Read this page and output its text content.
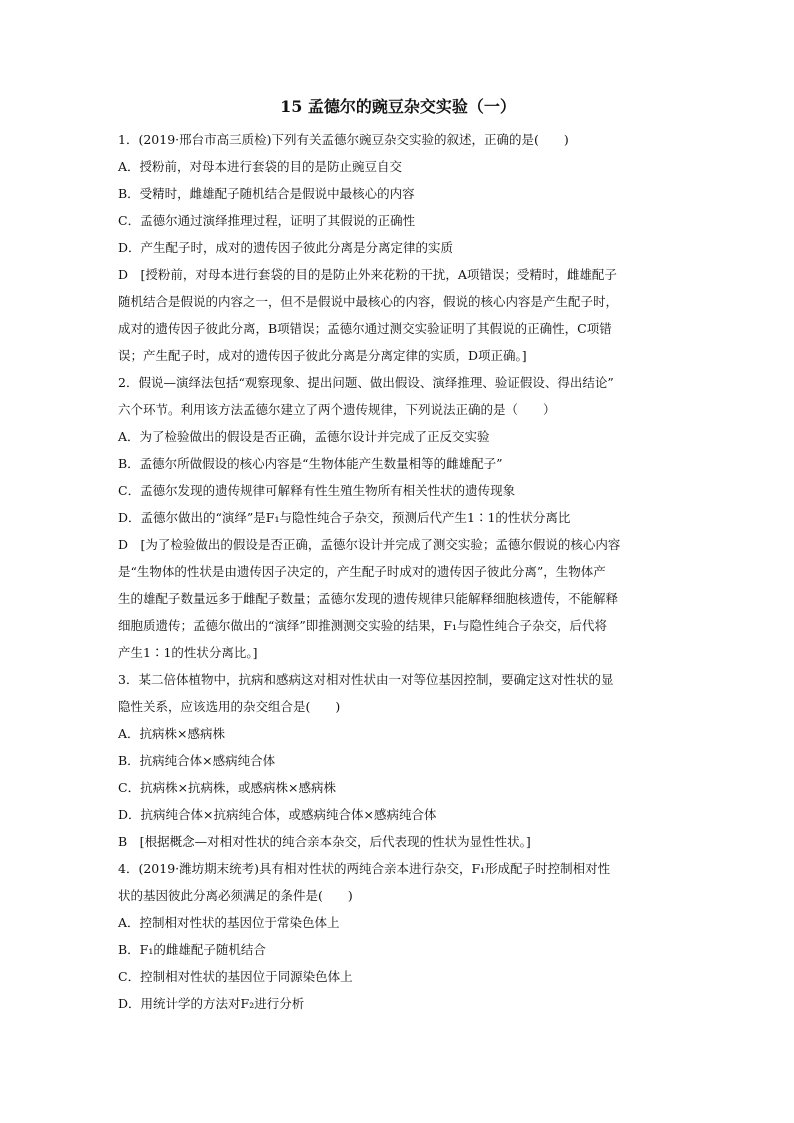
15 孟德尔的豌豆杂交实验（一）
1．(2019·邢台市高三质检)下列有关孟德尔豌豆杂交实验的叙述，正确的是(　　)
A．授粉前，对母本进行套袋的目的是防止豌豆自交
B．受精时，雌雄配子随机结合是假说中最核心的内容
C．孟德尔通过演绎推理过程，证明了其假说的正确性
D．产生配子时，成对的遗传因子彼此分离是分离定律的实质
D　[授粉前，对母本进行套袋的目的是防止外来花粉的干扰，A项错误；受精时，雌雄配子
随机结合是假说的内容之一，但不是假说中最核心的内容，假说的核心内容是产生配子时，
成对的遗传因子彼此分离，B项错误；孟德尔通过测交实验证明了其假说的正确性，C项错
误；产生配子时，成对的遗传因子彼此分离是分离定律的实质，D项正确。]
2．假说—演绎法包括“观察现象、提出问题、做出假设、演绎推理、验证假设、得出结论”
六个环节。利用该方法孟德尔建立了两个遗传规律，下列说法正确的是（　　）
A．为了检验做出的假设是否正确，孟德尔设计并完成了正反交实验
B．孟德尔所做假设的核心内容是“生物体能产生数量相等的雌雄配子”
C．孟德尔发现的遗传规律可解释有性生殖生物所有相关性状的遗传现象
D．孟德尔做出的“演绎”是F₁与隐性纯合子杂交，预测后代产生1∶1的性状分离比
D　[为了检验做出的假设是否正确，孟德尔设计并完成了测交实验；孟德尔假说的核心内容
是“生物体的性状是由遗传因子决定的，产生配子时成对的遗传因子彼此分离”，生物体产
生的雄配子数量远多于雌配子数量；孟德尔发现的遗传规律只能解释细胞核遗传，不能解释
细胞质遗传；孟德尔做出的“演绎”即推测测交实验的结果，F₁与隐性纯合子杂交，后代将
产生1∶1的性状分离比。]
3．某二倍体植物中，抗病和感病这对相对性状由一对等位基因控制，要确定这对性状的显
隐性关系，应该选用的杂交组合是(　　)
A．抗病株×感病株
B．抗病纯合体×感病纯合体
C．抗病株×抗病株，或感病株×感病株
D．抗病纯合体×抗病纯合体，或感病纯合体×感病纯合体
B　[根据概念—对相对性状的纯合亲本杂交，后代表现的性状为显性性状。]
4．(2019·潍坊期末统考)具有相对性状的两纯合亲本进行杂交，F₁形成配子时控制相对性
状的基因彼此分离必须满足的条件是(　　)
A．控制相对性状的基因位于常染色体上
B．F₁的雌雄配子随机结合
C．控制相对性状的基因位于同源染色体上
D．用统计学的方法对F₂进行分析
